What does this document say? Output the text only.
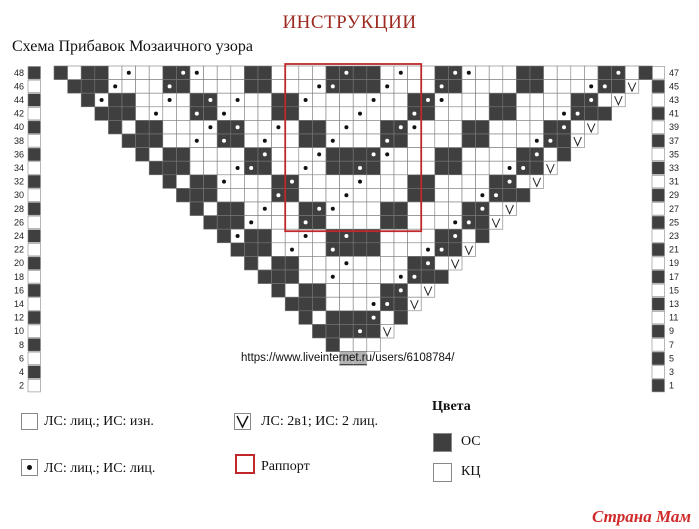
ИНСТРУКЦИИ
Схема Прибавок Мозаичного узора
48	47
46	45
44	43
42	41
40	39
38	37
36	35
34	33
32	31
30	29
28	27
26	25
24	23
22	21
20	19
18	17
16	15
14	13
12	11
10	9
8	7
6	5
4	3
2	1
https://www.liveinternet.ru/users/6108784/
ЛС: лиц.; ИС: изн.
ЛС: лиц.; ИС: лиц.
ЛС: 2в1; ИС: 2 лиц.
Раппорт
Цвета
ОС
КЦ
Страна Мам
